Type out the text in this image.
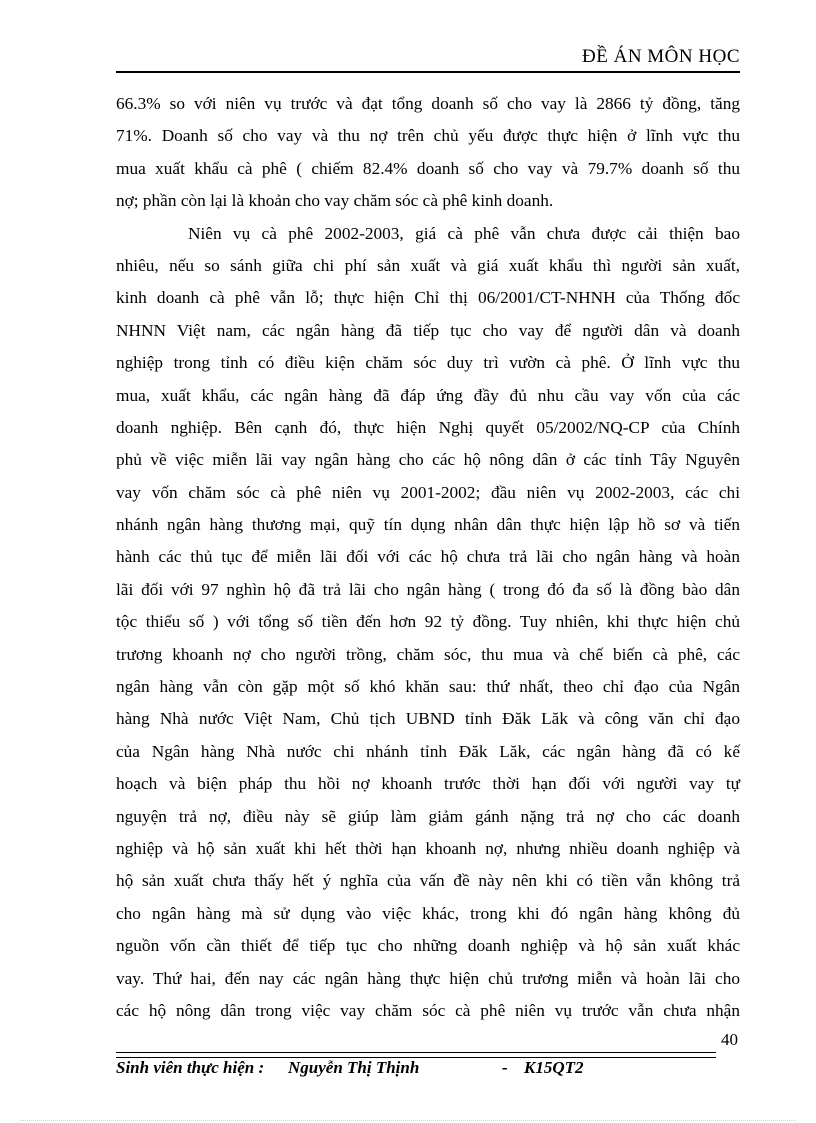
ĐỀ ÁN MÔN HỌC
66.3% so với niên vụ trước và đạt tổng doanh số cho vay là 2866 tỷ đồng, tăng
71%. Doanh số cho vay và thu nợ trên chủ yếu được thực hiện ở lĩnh vực thu
mua xuất khẩu cà phê ( chiếm 82.4% doanh số cho vay và 79.7% doanh số thu
nợ; phần còn lại là khoản cho vay chăm sóc cà phê kinh doanh.
Niên vụ cà phê 2002-2003, giá cà phê vẫn chưa được cải thiện bao
nhiêu, nếu so sánh giữa chi phí sản xuất và giá xuất khẩu thì người sản xuất,
kinh doanh cà phê vẫn lỗ; thực hiện Chỉ thị 06/2001/CT-NHNH của Thống đốc
NHNN Việt nam, các ngân hàng đã tiếp tục cho vay để người dân và doanh
nghiệp trong tỉnh có điều kiện chăm sóc duy trì vườn cà phê. Ở lĩnh vực thu
mua, xuất khẩu, các ngân hàng đã đáp ứng đầy đủ nhu cầu vay vốn của các
doanh nghiệp. Bên cạnh đó, thực hiện Nghị quyết 05/2002/NQ-CP của Chính
phủ về việc miễn lãi vay ngân hàng cho các hộ nông dân ở các tỉnh Tây Nguyên
vay vốn chăm sóc cà phê niên vụ 2001-2002; đầu niên vụ 2002-2003, các chi
nhánh ngân hàng thương mại, quỹ tín dụng nhân dân thực hiện lập hồ sơ và tiến
hành các thủ tục để miễn lãi đối với các hộ chưa trả lãi cho ngân hàng và hoàn
lãi đối với 97 nghìn hộ đã trả lãi cho ngân hàng ( trong đó đa số là đồng bào dân
tộc thiểu số ) với tổng số tiền đến hơn 92 tỷ đồng. Tuy nhiên, khi thực hiện chủ
trương khoanh nợ cho người trồng, chăm sóc, thu mua và chế biến cà phê, các
ngân hàng vẫn còn gặp một số khó khăn sau: thứ nhất, theo chỉ đạo của Ngân
hàng Nhà nước Việt Nam, Chủ tịch UBND tỉnh Đăk Lăk và công văn chỉ đạo
của Ngân hàng Nhà nước chi nhánh tỉnh Đăk Lăk, các ngân hàng đã có kế
hoạch và biện pháp thu hồi nợ khoanh trước thời hạn đối với người vay tự
nguyện trả nợ, điều này sẽ giúp làm giảm gánh nặng trả nợ cho các doanh
nghiệp và hộ sản xuất khi hết thời hạn khoanh nợ, nhưng nhiều doanh nghiệp và
hộ sản xuất chưa thấy hết ý nghĩa của vấn đề này nên khi có tiền vẫn không trả
cho ngân hàng mà sử dụng vào việc khác, trong khi đó ngân hàng không đủ
nguồn vốn cần thiết để tiếp tục cho những doanh nghiệp và hộ sản xuất khác
vay. Thứ hai, đến nay các ngân hàng thực hiện chủ trương miễn và hoàn lãi cho
các hộ nông dân trong việc vay chăm sóc cà phê niên vụ trước vẫn chưa nhận
40
Sinh viên thực hiện : Nguyễn Thị Thịnh	- K15QT2
